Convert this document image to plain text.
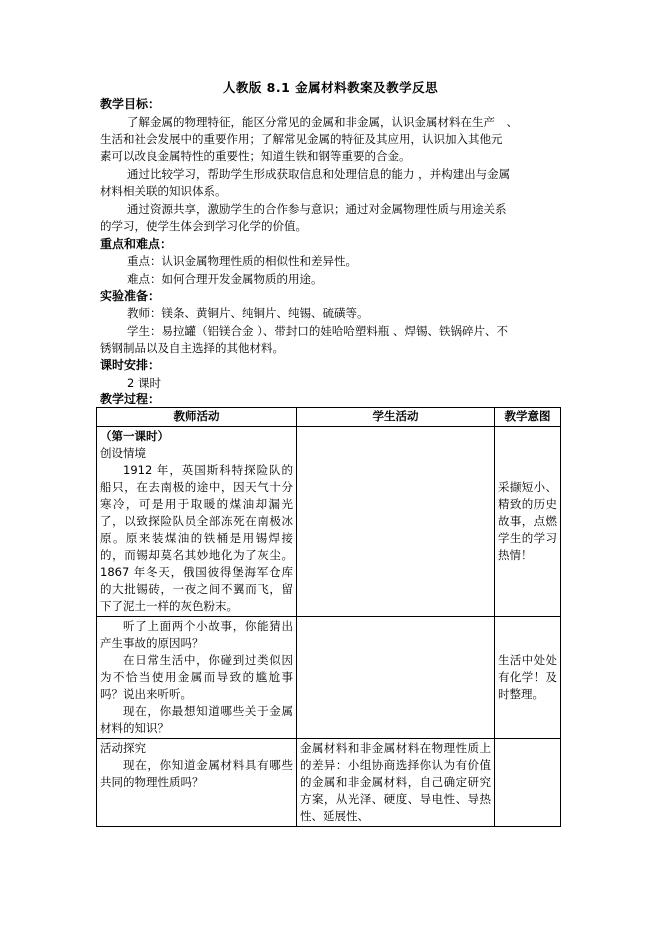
人教版 8.1 金属材料教案及教学反思
教学目标：
了解金属的物理特征，能区分常见的金属和非金属，认识金属材料在生产　、
生活和社会发展中的重要作用；了解常见金属的特征及其应用，认识加入其他元
素可以改良金属特性的重要性；知道生铁和钢等重要的合金。
通过比较学习，帮助学生形成获取信息和处理信息的能力 ，并构建出与金属
材料相关联的知识体系。
通过资源共享，激励学生的合作参与意识；通过对金属物理性质与用途关系
的学习，使学生体会到学习化学的价值。
重点和难点：
重点：认识金属物理性质的相似性和差异性。
难点：如何合理开发金属物质的用途。
实验准备：
教师：镁条、黄铜片、纯铜片、纯锡、硫磺等。
学生：易拉罐（铝镁合金 ）、带封口的娃哈哈塑料瓶 、焊锡、铁锅碎片、不
锈钢制品以及自主选择的其他材料。
课时安排：
2 课时
教学过程：
教师活动	学生活动	教学意图

（第一课时）

创设情境

1912 年，英国斯科特探险队的船只，在去南极的途中，因天气十分寒冷，可是用于取暖的煤油却漏光了，以致探险队员全部冻死在南极冰原。原来装煤油的铁桶是用锡焊接的，而锡却莫名其妙地化为了灰尘。1867 年冬天，俄国彼得堡海军仓库的大批锡砖，一夜之间不翼而飞，留下了泥土一样的灰色粉末。		采撷短小、精致的历史故事，点燃学生的学习热情！

听了上面两个小故事，你能猜出产生事故的原因吗？

在日常生活中，你碰到过类似因为不恰当使用金属而导致的尴尬事吗？说出来听听。

现在，你最想知道哪些关于金属材料的知识？		生活中处处有化学！及时整理。

活动探究

现在，你知道金属材料具有哪些共同的物理性质吗？	金属材料和非金属材料在物理性质上的差异：小组协商选择你认为有价值的金属和非金属材料，自己确定研究方案，从光泽、硬度、导电性、导热性、延展性、	
